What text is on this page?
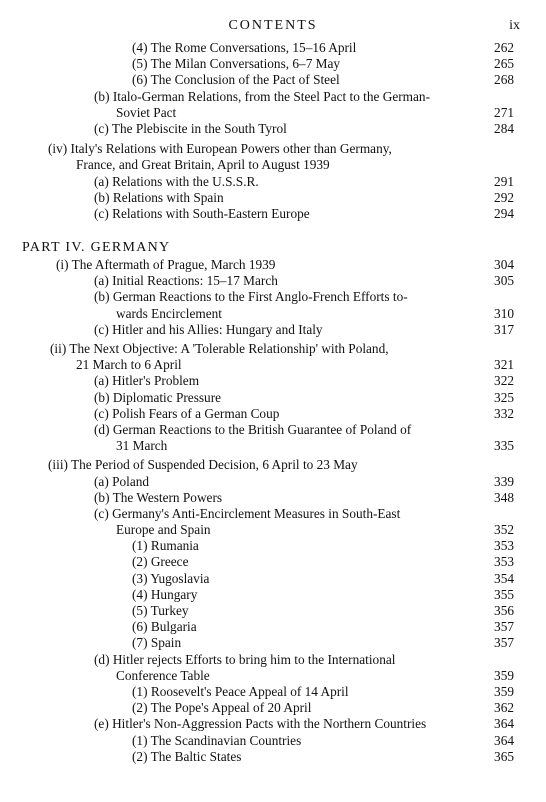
CONTENTS	ix
(4) The Rome Conversations, 15–16 April	262
(5) The Milan Conversations, 6–7 May	265
(6) The Conclusion of the Pact of Steel	268
(b) Italo-German Relations, from the Steel Pact to the German-
Soviet Pact	271
(c) The Plebiscite in the South Tyrol	284
(iv) Italy's Relations with European Powers other than Germany,
France, and Great Britain, April to August 1939
(a) Relations with the U.S.S.R.	291
(b) Relations with Spain	292
(c) Relations with South-Eastern Europe	294
PART IV. GERMANY
(i) The Aftermath of Prague, March 1939	304
(a) Initial Reactions: 15–17 March	305
(b) German Reactions to the First Anglo-French Efforts to-
wards Encirclement	310
(c) Hitler and his Allies: Hungary and Italy	317
(ii) The Next Objective: A 'Tolerable Relationship' with Poland,
21 March to 6 April	321
(a) Hitler's Problem	322
(b) Diplomatic Pressure	325
(c) Polish Fears of a German Coup	332
(d) German Reactions to the British Guarantee of Poland of
31 March	335
(iii) The Period of Suspended Decision, 6 April to 23 May
(a) Poland	339
(b) The Western Powers	348
(c) Germany's Anti-Encirclement Measures in South-East
Europe and Spain	352
(1) Rumania	353
(2) Greece	353
(3) Yugoslavia	354
(4) Hungary	355
(5) Turkey	356
(6) Bulgaria	357
(7) Spain	357
(d) Hitler rejects Efforts to bring him to the International
Conference Table	359
(1) Roosevelt's Peace Appeal of 14 April	359
(2) The Pope's Appeal of 20 April	362
(e) Hitler's Non-Aggression Pacts with the Northern Countries	364
(1) The Scandinavian Countries	364
(2) The Baltic States	365
